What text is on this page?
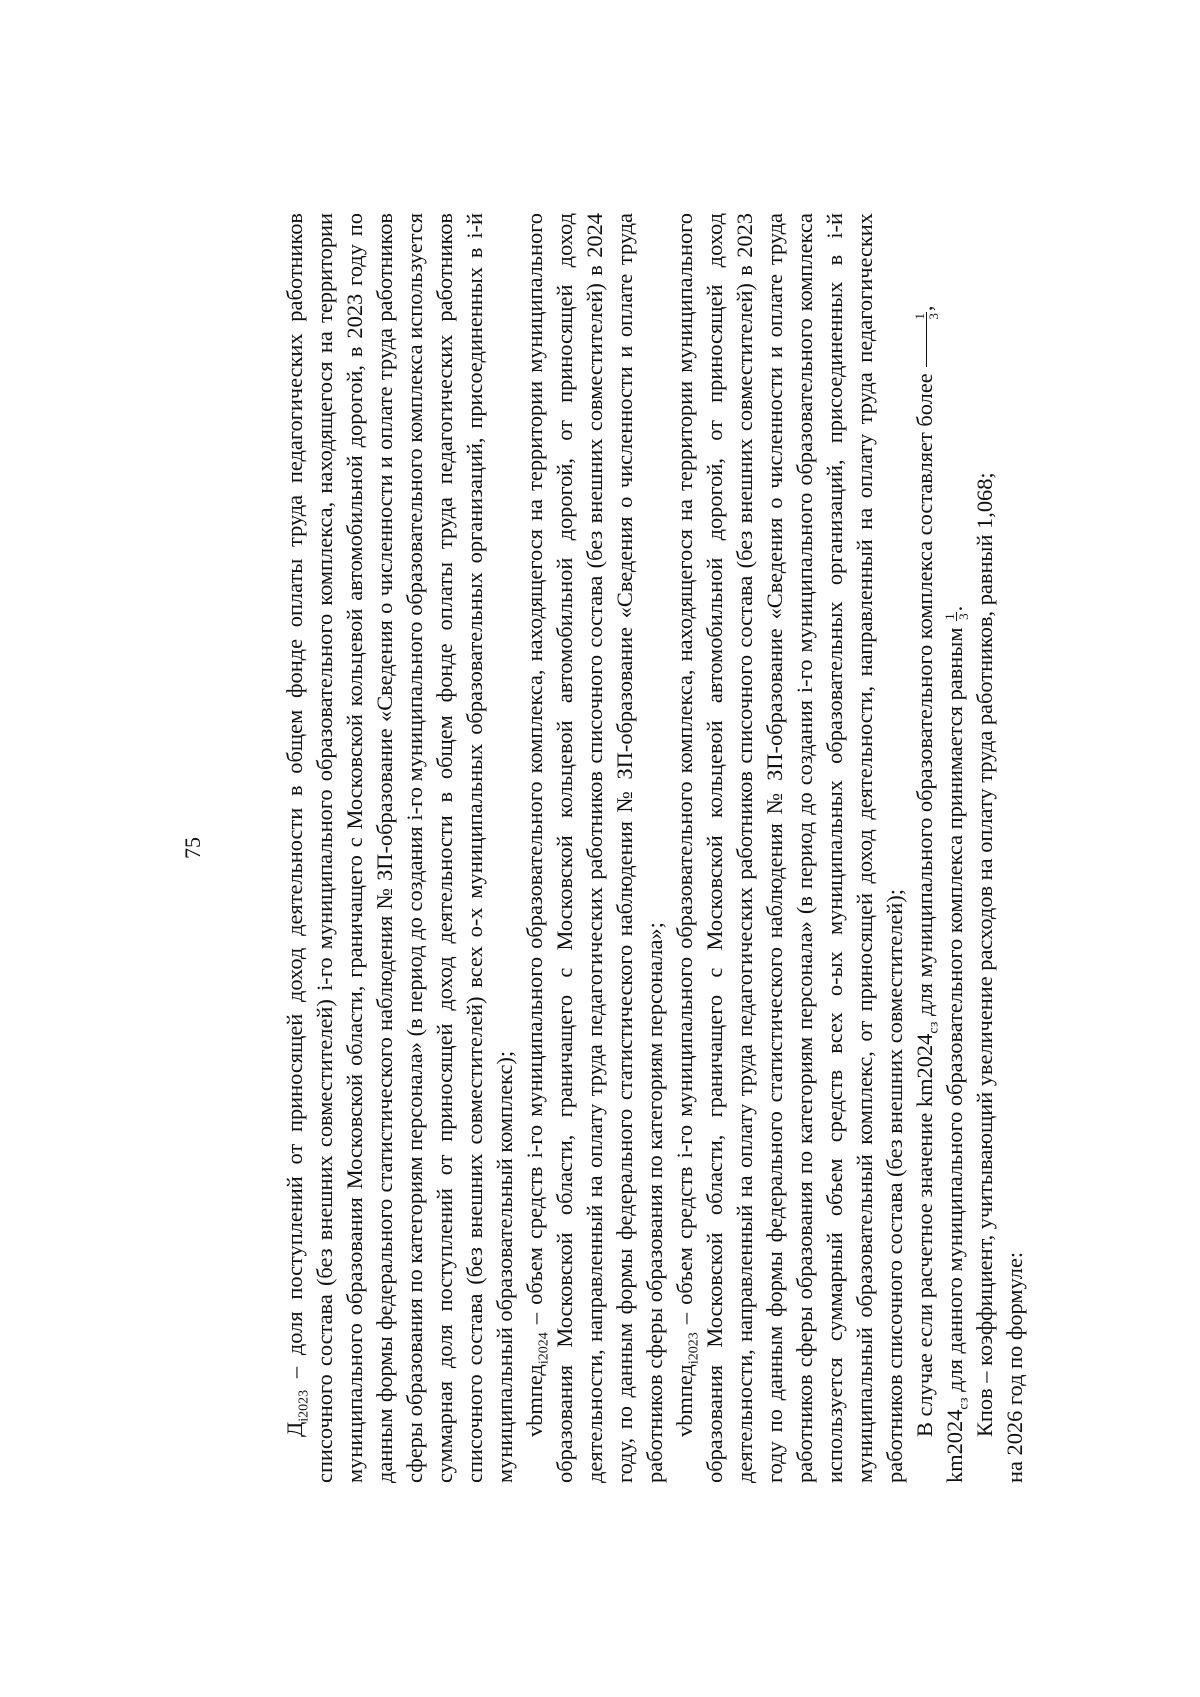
75

$Д_{i2023}$ – доля поступлений от приносящей доход деятельности в общем фонде оплаты труда педагогических работников списочного состава (без внешних совместителей) i-го муниципального образовательного комплекса, находящегося на территории муниципального образования Московской области, граничащего с Московской кольцевой автомобильной дорогой, в 2023 году по данным формы федерального статистического наблюдения № ЗП-образование «Сведения о численности и оплате труда работников сферы образования по категориям персонала» (в период до создания i-го муниципального образовательного комплекса используется суммарная доля поступлений от приносящей доход деятельности в общем фонде оплаты труда педагогических работников списочного состава (без внешних совместителей) всех о-х муниципальных образовательных организаций, присоединенных в i-й муниципальный образовательный комплекс); vbmпед$_{i2024}$ – объем средств i-го муниципального образовательного комплекса, находящегося на территории муниципального образования Московской области, граничащего с Московской кольцевой автомобильной дорогой, от приносящей доход деятельности, направленный на оплату труда педагогических работников списочного состава (без внешних совместителей) в 2024 году, по данным формы федерального статистического наблюдения № ЗП-образование «Сведения о численности и оплате труда работников сферы образования по категориям персонала»; vbmпед$_{i2023}$ – объем средств i-го муниципального образовательного комплекса, находящегося на территории муниципального образования Московской области, граничащего с Московской кольцевой автомобильной дорогой, от приносящей доход деятельности, направленный на оплату труда педагогических работников списочного состава (без внешних совместителей) в 2023 году по данным формы федерального статистического наблюдения № ЗП-образование «Сведения о численности и оплате труда работников сферы образования по категориям персонала» (в период до создания i-го муниципального образовательного комплекса используется суммарный объем средств всех о-ых муниципальных образовательных организаций, присоединенных в i-й муниципальный образовательный комплекс, от приносящей доход деятельности, направленный на оплату труда педагогических работников списочного состава (без внешних совместителей); В случае если расчетное значение $km2024_{сз}$ для муниципального образовательного комплекса составляет более
1 3
,

$km2024_{сз}$ для данного муниципального образовательного комплекса принимается равным
1 3
. Кпов – коэффициент, учитывающий увеличение расходов на оплату труда работников, равный 1,068; на 2026 год по формуле:
